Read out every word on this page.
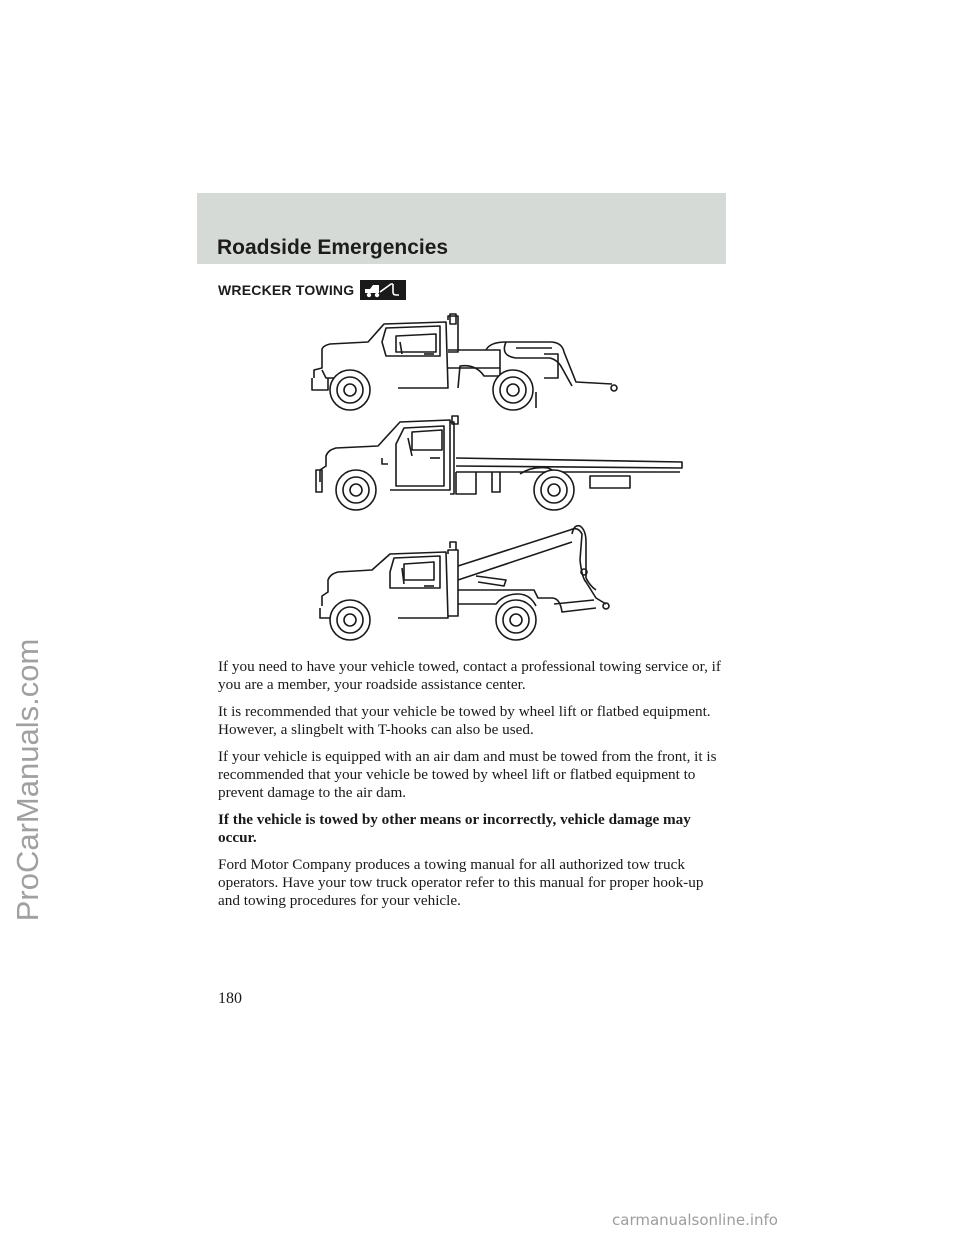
Roadside Emergencies
WRECKER TOWING

If you need to have your vehicle towed, contact a professional towing service or, if you are a member, your roadside assistance center.

It is recommended that your vehicle be towed by wheel lift or flatbed equipment. However, a slingbelt with T-hooks can also be used.

If your vehicle is equipped with an air dam and must be towed from the front, it is recommended that your vehicle be towed by wheel lift or flatbed equipment to prevent damage to the air dam.

If the vehicle is towed by other means or incorrectly, vehicle damage may occur.

Ford Motor Company produces a towing manual for all authorized tow truck operators. Have your tow truck operator refer to this manual for proper hook-up and towing procedures for your vehicle.

180
ProCarManuals.com
carmanualsonline.info
